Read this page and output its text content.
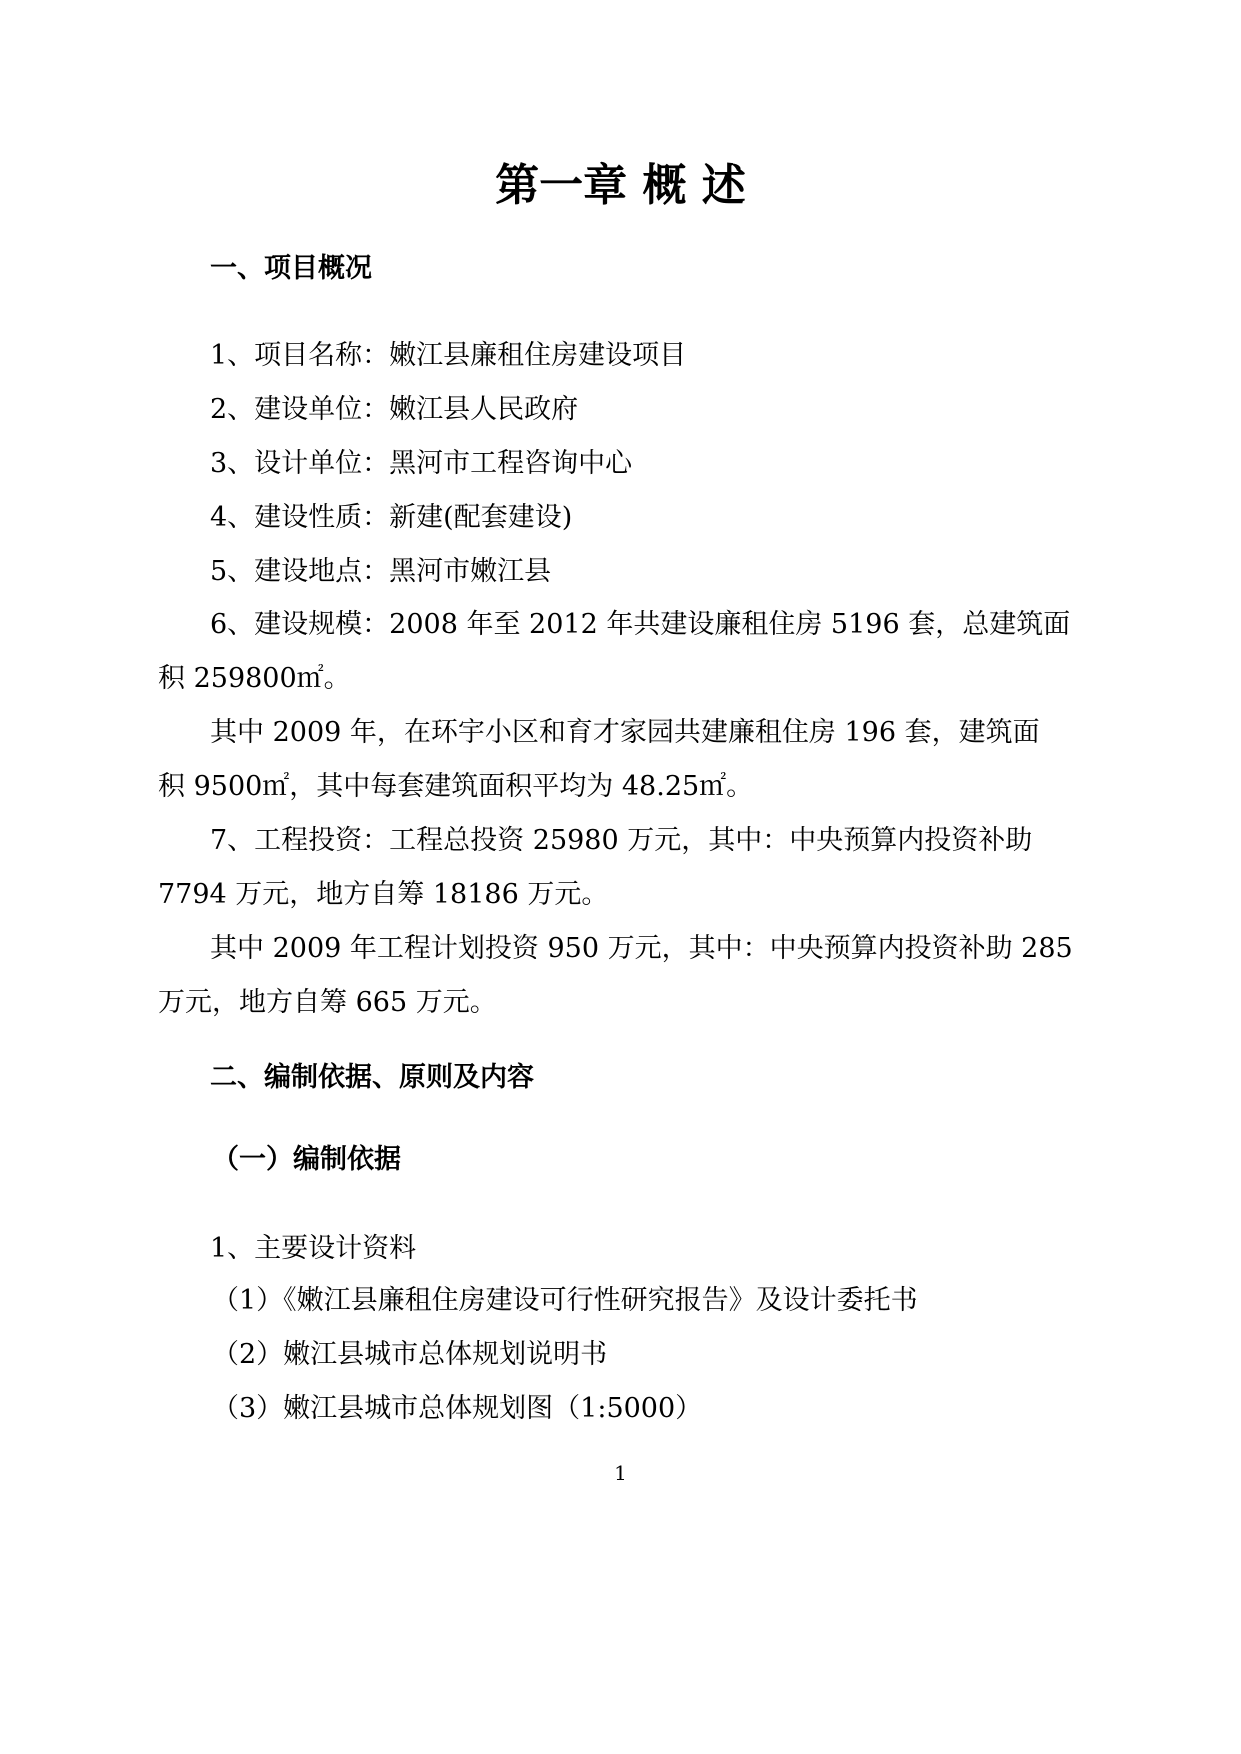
第一章 概 述
一、项目概况
1、项目名称：嫩江县廉租住房建设项目
2、建设单位：嫩江县人民政府
3、设计单位：黑河市工程咨询中心
4、建设性质：新建(配套建设)
5、建设地点：黑河市嫩江县
6、建设规模：2008 年至 2012 年共建设廉租住房 5196 套，总建筑面
积 259800㎡。
其中 2009 年，在环宇小区和育才家园共建廉租住房 196 套，建筑面
积 9500㎡，其中每套建筑面积平均为 48.25㎡。
7、工程投资：工程总投资 25980 万元，其中：中央预算内投资补助
7794 万元，地方自筹 18186 万元。
其中 2009 年工程计划投资 950 万元，其中：中央预算内投资补助 285
万元，地方自筹 665 万元。
二、编制依据、原则及内容
（一）编制依据
1、主要设计资料
（1）《嫩江县廉租住房建设可行性研究报告》及设计委托书
（2）嫩江县城市总体规划说明书
（3）嫩江县城市总体规划图（1:5000）
1
